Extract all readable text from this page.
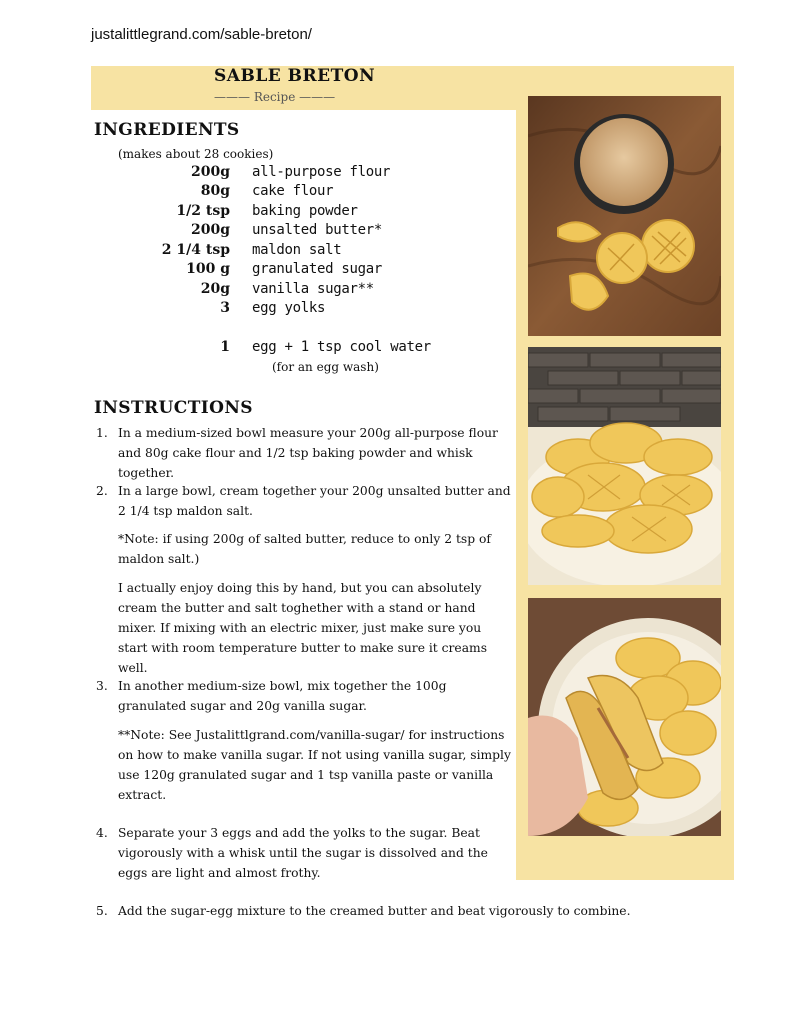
justalittlegrand.com/sable-breton/
SABLE BRETON
——— Recipe ———
INGREDIENTS
(makes about 28 cookies)
200g all-purpose flour
80g cake flour
1/2 tsp baking powder
200g unsalted butter*
2 1/4 tsp maldon salt
100 g granulated sugar
20g vanilla sugar**
3 egg yolks
1 egg + 1 tsp cool water
(for an egg wash)
INSTRUCTIONS
1. In a medium-sized bowl measure your 200g all-purpose flour and 80g cake flour and 1/2 tsp baking powder and whisk together.
2. In a large bowl, cream together your 200g unsalted butter and 2 1/4 tsp maldon salt.
*Note: if using 200g of salted butter, reduce to only 2 tsp of maldon salt.)
I actually enjoy doing this by hand, but you can absolutely cream the butter and salt toghether with a stand or hand mixer. If mixing with an electric mixer, just make sure you start with room temperature butter to make sure it creams well.
3. In another medium-size bowl, mix together the 100g granulated sugar and 20g vanilla sugar.
**Note: See Justalittlgrand.com/vanilla-sugar/ for instructions on how to make vanilla sugar. If not using vanilla sugar, simply use 120g granulated sugar and 1 tsp vanilla paste or vanilla extract.
4. Separate your 3 eggs and add the yolks to the sugar. Beat vigorously with a whisk until the sugar is dissolved and the eggs are light and almost frothy.
5. Add the sugar-egg mixture to the creamed butter and beat vigorously to combine.
